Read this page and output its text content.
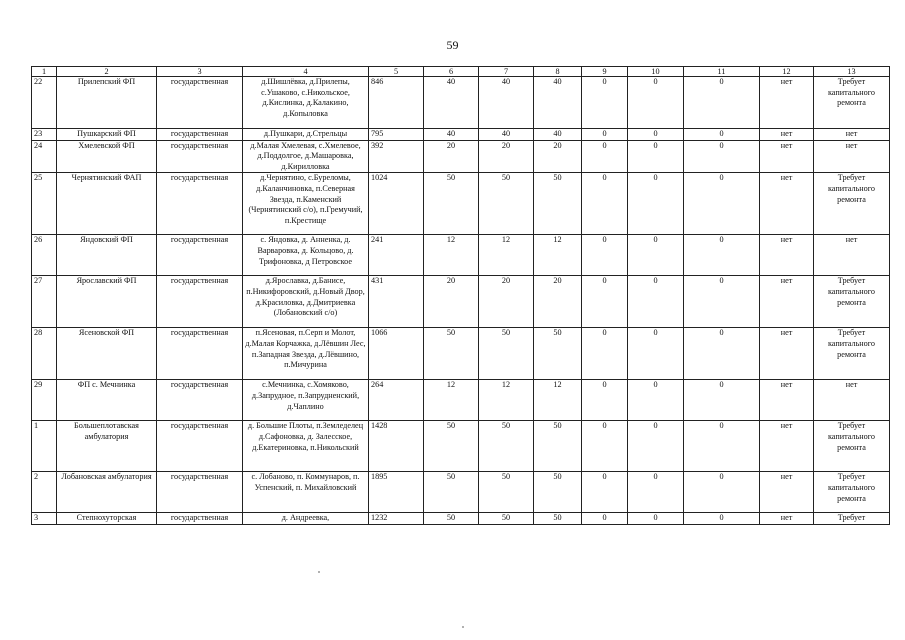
59
1	2	3	4	5	6	7	8	9	10	11	12	13
22	Прилепский ФП	государственная	д.Шишлёвка, д.Прилепы, с.Ушаково, с.Никольское, д.Кислинка, д.Калакино, д.Копыловка	846	40	40	40	0	0	0	нет	Требует капитального ремонта
23	Пушкарский ФП	государственная	д.Пушкари, д.Стрельцы	795	40	40	40	0	0	0	нет	нет
24	Хмелевской ФП	государственная	д.Малая Хмелевая, с.Хмелевое, д.Поддолгое, д.Машаровка, д.Кирилловка	392	20	20	20	0	0	0	нет	нет
25	Чернятинский ФАП	государственная	д.Чернятино, с.Буреломы, д.Каланчиновка, п.Северная Звезда, п.Каменский (Чернятинский с/о), п.Гремучий, п.Крестище	1024	50	50	50	0	0	0	нет	Требует капитального ремонта
26	Яндовский ФП	государственная	с. Яндовка, д. Анненка, д. Варваровка, д. Кольцово, д. Трифоновка, д Петровское	241	12	12	12	0	0	0	нет	нет
27	Ярославский ФП	государственная	д.Ярославка, д.Банисе, п.Никифоровский, д.Новый Двор, д.Красиловка, д.Дмитриевка (Лобановский с/о)	431	20	20	20	0	0	0	нет	Требует капитального ремонта
28	Ясеновской ФП	государственная	п.Ясеновая, п.Серп и Молот, д.Малая Корчажка, д.Лёвшин Лес, п.Западная Звезда, д.Лёвшино, п.Мичурина	1066	50	50	50	0	0	0	нет	Требует капитального ремонта
29	ФП с. Мечнинка	государственная	с.Мечнинка, с.Хомяково, д.Запрудное, п.Запрудненский, д.Чаплино	264	12	12	12	0	0	0	нет	нет
1	Большеплотавская амбулатория	государственная	д. Большие Плоты, п.Земледелец д.Сафоновка, д. Залесское, д.Екатериновка, п.Никольский	1428	50	50	50	0	0	0	нет	Требует капитального ремонта
2	Лобановская амбулатория	государственная	с. Лобаново, п. Коммунаров, п. Успенский, п. Михайловский	1895	50	50	50	0	0	0	нет	Требует капитального ремонта
3	Степнохуторская	государственная	д. Андреевка,	1232	50	50	50	0	0	0	нет	Требует
